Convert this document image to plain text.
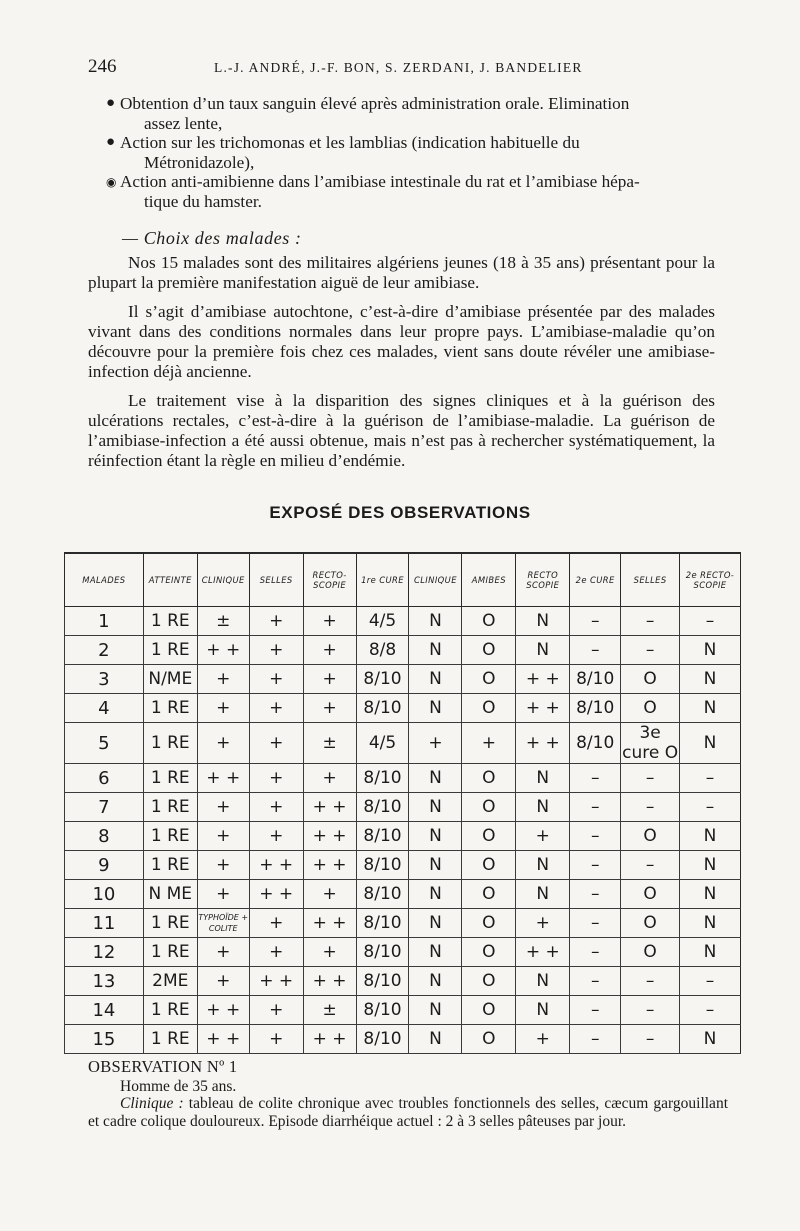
246	L.-J. ANDRÉ, J.-F. BON, S. ZERDANI, J. BANDELIER
● Obtention d’un taux sanguin élevé après administration orale. Elimination
assez lente,
● Action sur les trichomonas et les lamblias (indication habituelle du
Métronidazole),
◉ Action anti-amibienne dans l’amibiase intestinale du rat et l’amibiase hépa-
tique du hamster.
— Choix des malades :

Nos 15 malades sont des militaires algériens jeunes (18 à 35 ans) présentant pour la plupart la première manifestation aiguë de leur amibiase.

Il s’agit d’amibiase autochtone, c’est-à-dire d’amibiase présentée par des malades vivant dans des conditions normales dans leur propre pays. L’amibiase-maladie qu’on découvre pour la première fois chez ces malades, vient sans doute révéler une amibiase-infection déjà ancienne.

Le traitement vise à la disparition des signes cliniques et à la guérison des ulcérations rectales, c’est-à-dire à la guérison de l’amibiase-maladie. La guérison de l’amibiase-infection a été aussi obtenue, mais n’est pas à rechercher systématiquement, la réinfection étant la règle en milieu d’endémie.

EXPOSÉ DES OBSERVATIONS
MALADES	ATTEINTE	CLINIQUE	SELLES	RECTO-SCOPIE	1re CURE	CLINIQUE	AMIBES	RECTO SCOPIE	2e CURE	SELLES	2e RECTO-SCOPIE
1	1 RE	±	+	+	4/5	N	O	N	–	–	–
2	1 RE	+ +	+	+	8/8	N	O	N	–	–	N
3	N/ME	+	+	+	8/10	N	O	+ +	8/10	O	N
4	1 RE	+	+	+	8/10	N	O	+ +	8/10	O	N
5	1 RE	+	+	±	4/5	+	+	+ +	8/10	3e cure O	N
6	1 RE	+ +	+	+	8/10	N	O	N	–	–	–
7	1 RE	+	+	+ +	8/10	N	O	N	–	–	–
8	1 RE	+	+	+ +	8/10	N	O	+	–	O	N
9	1 RE	+	+ +	+ +	8/10	N	O	N	–	–	N
10	N ME	+	+ +	+	8/10	N	O	N	–	O	N
11	1 RE	TYPHOÏDE + COLITE	+	+ +	8/10	N	O	+	–	O	N
12	1 RE	+	+	+	8/10	N	O	+ +	–	O	N
13	2ME	+	+ +	+ +	8/10	N	O	N	–	–	–
14	1 RE	+ +	+	±	8/10	N	O	N	–	–	–
15	1 RE	+ +	+	+ +	8/10	N	O	+	–	–	N
OBSERVATION Nº 1
Homme de 35 ans.
Clinique : tableau de colite chronique avec troubles fonctionnels des selles, cæcum gargouillant et cadre colique douloureux. Episode diarrhéique actuel : 2 à 3 selles pâteuses par jour.
